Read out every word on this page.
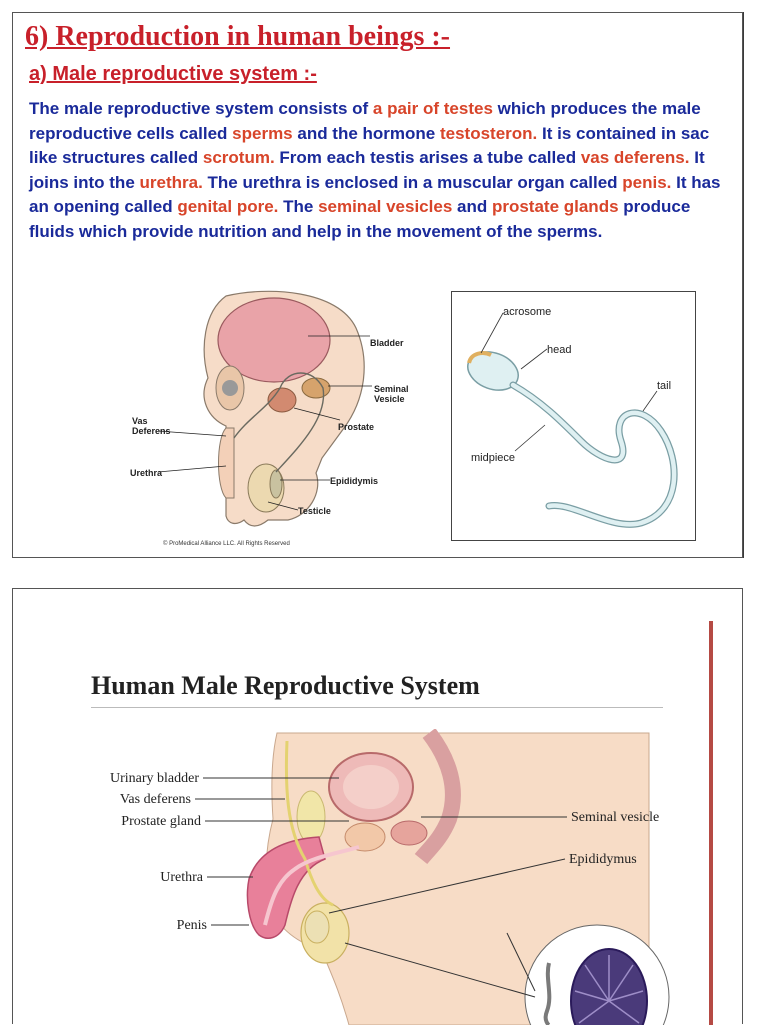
6) Reproduction in human beings :-
a) Male reproductive system :-

The male reproductive system consists of a pair of testes which produces the male reproductive cells called sperms and the hormone testosteron. It is contained in sac like structures called scrotum. From each testis arises a tube called vas deferens. It joins into the urethra. The urethra is enclosed in a muscular organ called penis. It has an opening called genital pore. The seminal vesicles and prostate glands produce fluids which provide nutrition and help in the movement of the sperms.

Bladder
Seminal
Vesicle
Prostate
Vas
Deferens
Urethra
Epididymis
Testicle
© ProMedical Alliance LLC. All Rights Reserved
acrosome
head
tail
midpiece
Human Male Reproductive System
Urinary bladder
Vas deferens
Prostate gland
Urethra
Penis
Seminal vesicle
Epididymus
